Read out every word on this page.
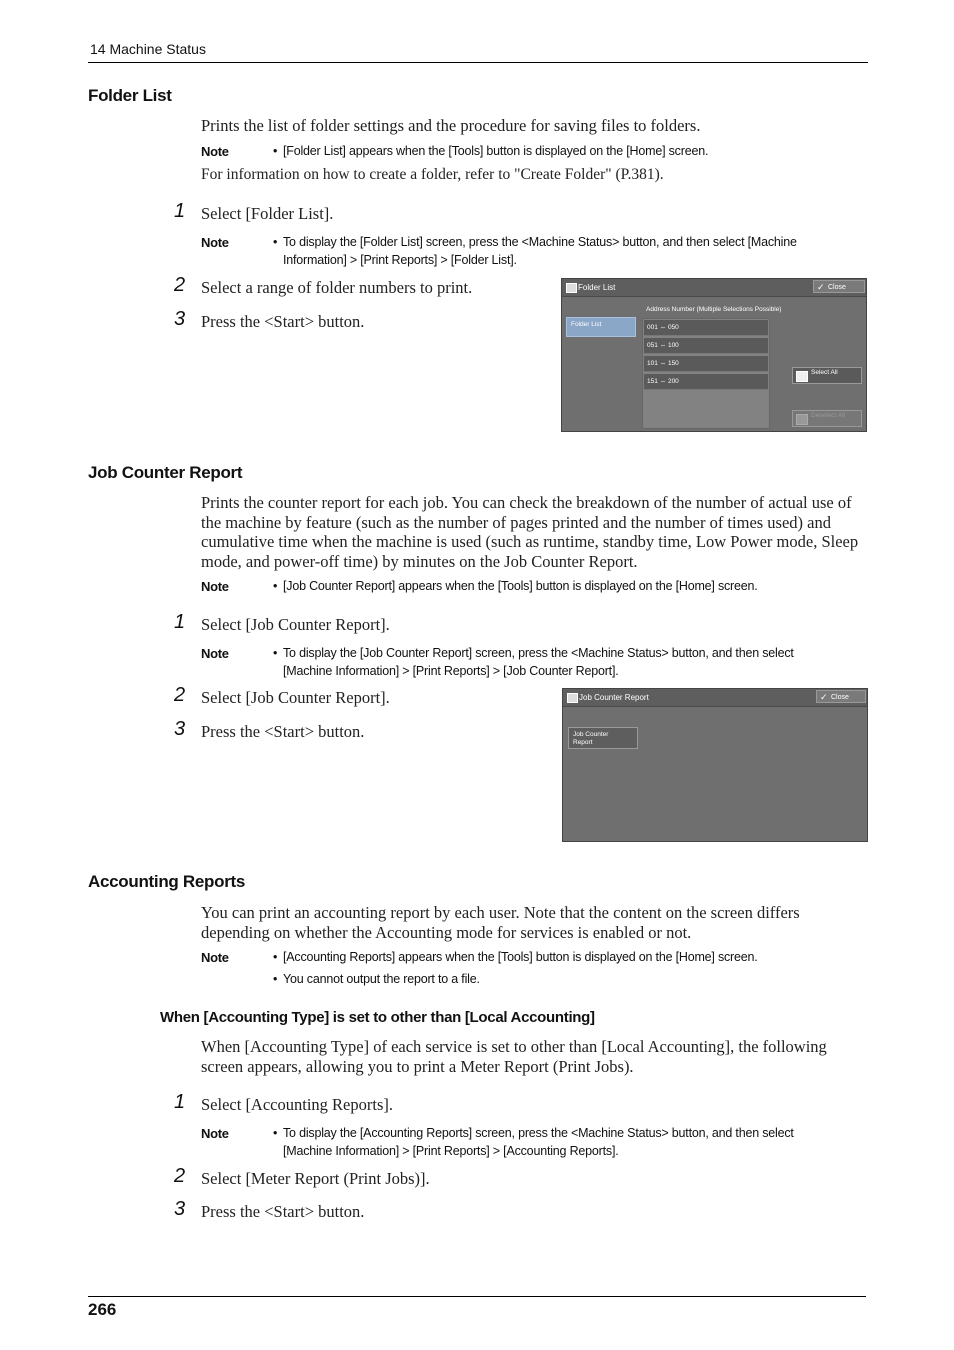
14 Machine Status
Folder List
Prints the list of folder settings and the procedure for saving files to folders.
Note	• [Folder List] appears when the [Tools] button is displayed on the [Home] screen.
For information on how to create a folder, refer to "Create Folder" (P.381).
1 Select [Folder List].
Note	• To display the [Folder List] screen, press the <Machine Status> button, and then select [Machine
Information] > [Print Reports] > [Folder List].
2 Select a range of folder numbers to print.
3 Press the <Start> button.
Folder List	✓ Close
Folder List
Address Number (Multiple Selections Possible)
001 ⇔ 050
051 ⇔ 100
101 ⇔ 150
151 ⇔ 200
Select All
Deselect All
Job Counter Report
Prints the counter report for each job. You can check the breakdown of the number of actual use of the machine by feature (such as the number of pages printed and the number of times used) and cumulative time when the machine is used (such as runtime, standby time, Low Power mode, Sleep mode, and power-off time) by minutes on the Job Counter Report.
Note	• [Job Counter Report] appears when the [Tools] button is displayed on the [Home] screen.
1 Select [Job Counter Report].
Note	• To display the [Job Counter Report] screen, press the <Machine Status> button, and then select
[Machine Information] > [Print Reports] > [Job Counter Report].
2 Select [Job Counter Report].
3 Press the <Start> button.
Job Counter Report	✓ Close
Job Counter
Report
Accounting Reports
You can print an accounting report by each user. Note that the content on the screen differs depending on whether the Accounting mode for services is enabled or not.
Note	• [Accounting Reports] appears when the [Tools] button is displayed on the [Home] screen.
• You cannot output the report to a file.
When [Accounting Type] is set to other than [Local Accounting]
When [Accounting Type] of each service is set to other than [Local Accounting], the following screen appears, allowing you to print a Meter Report (Print Jobs).
1 Select [Accounting Reports].
Note	• To display the [Accounting Reports] screen, press the <Machine Status> button, and then select
[Machine Information] > [Print Reports] > [Accounting Reports].
2 Select [Meter Report (Print Jobs)].
3 Press the <Start> button.
266
